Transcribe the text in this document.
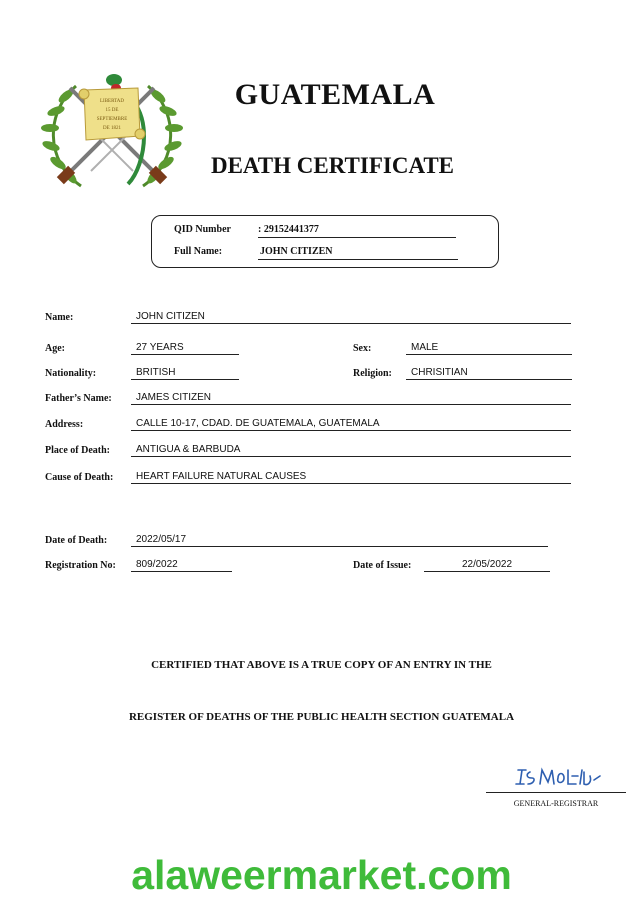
LIBERTAD
15 DE
SEPTIEMBRE
DE 1821
GUATEMALA
DEATH CERTIFICATE
QID Number	: 29152441377
Full Name:	JOHN CITIZEN
Name:	JOHN CITIZEN
Age:	27 YEARS	Sex:	MALE
Nationality:	BRITISH	Religion:	CHRISITIAN
Father’s Name:	JAMES CITIZEN
Address:	CALLE 10-17, CDAD. DE GUATEMALA, GUATEMALA
Place of Death:	ANTIGUA & BARBUDA
Cause of Death:	HEART FAILURE NATURAL CAUSES
Date of Death:	2022/05/17
Registration No:	809/2022	Date of Issue:	22/05/2022
CERTIFIED THAT ABOVE IS A TRUE COPY OF AN ENTRY IN THE
REGISTER OF DEATHS OF THE PUBLIC HEALTH SECTION GUATEMALA
GENERAL-REGISTRAR
alaweermarket.com
